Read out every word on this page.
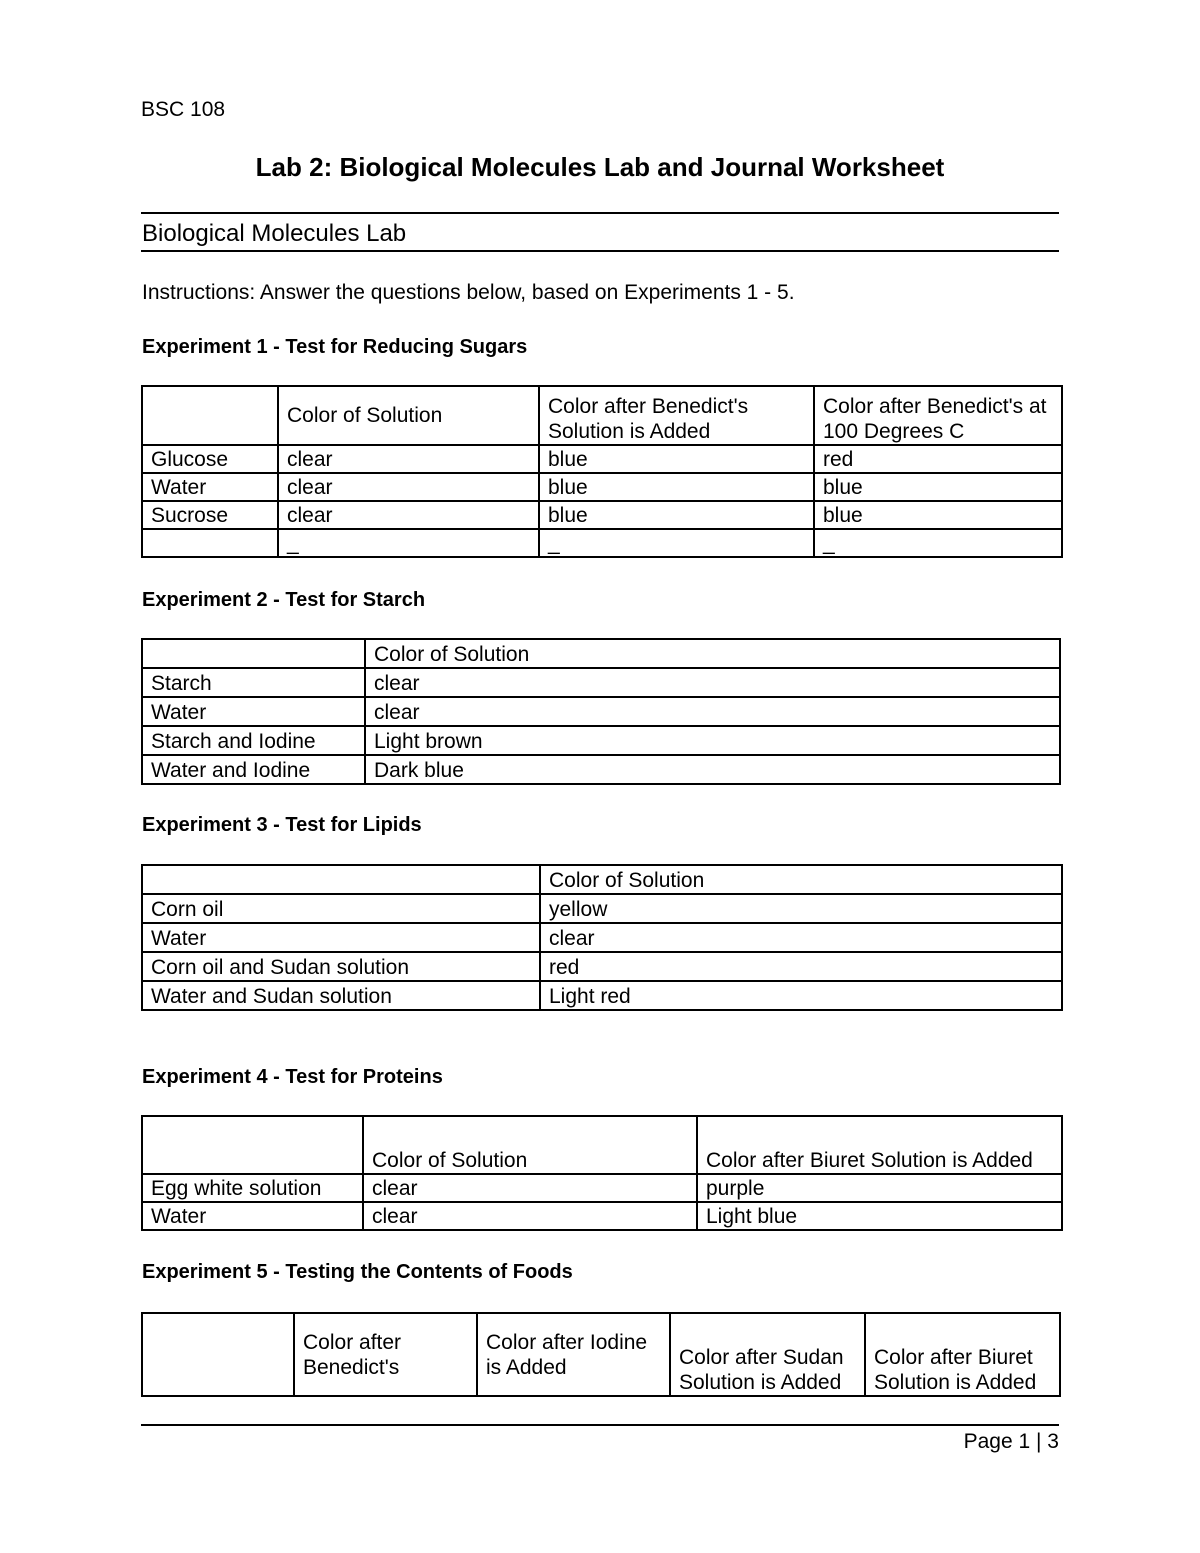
BSC 108
Lab 2: Biological Molecules Lab and Journal Worksheet
Biological Molecules Lab
Instructions: Answer the questions below, based on Experiments 1 - 5.
Experiment 1 - Test for Reducing Sugars
	Color of Solution	Color after Benedict's Solution is Added	Color after Benedict's at 100 Degrees C
Glucose	clear	blue	red
Water	clear	blue	blue
Sucrose	clear	blue	blue
	_	_	_
Experiment 2 - Test for Starch
	Color of Solution
Starch	clear
Water	clear
Starch and Iodine	Light brown
Water and Iodine	Dark blue
Experiment 3 - Test for Lipids
	Color of Solution
Corn oil	yellow
Water	clear
Corn oil and Sudan solution	red
Water and Sudan solution	Light red
Experiment 4 - Test for Proteins
	Color of Solution	Color after Biuret Solution is Added
Egg white solution	clear	purple
Water	clear	Light blue
Experiment 5 - Testing the Contents of Foods
	Color after Benedict's	Color after Iodine is Added	Color after Sudan Solution is Added	Color after Biuret Solution is Added
Page 1 | 3
